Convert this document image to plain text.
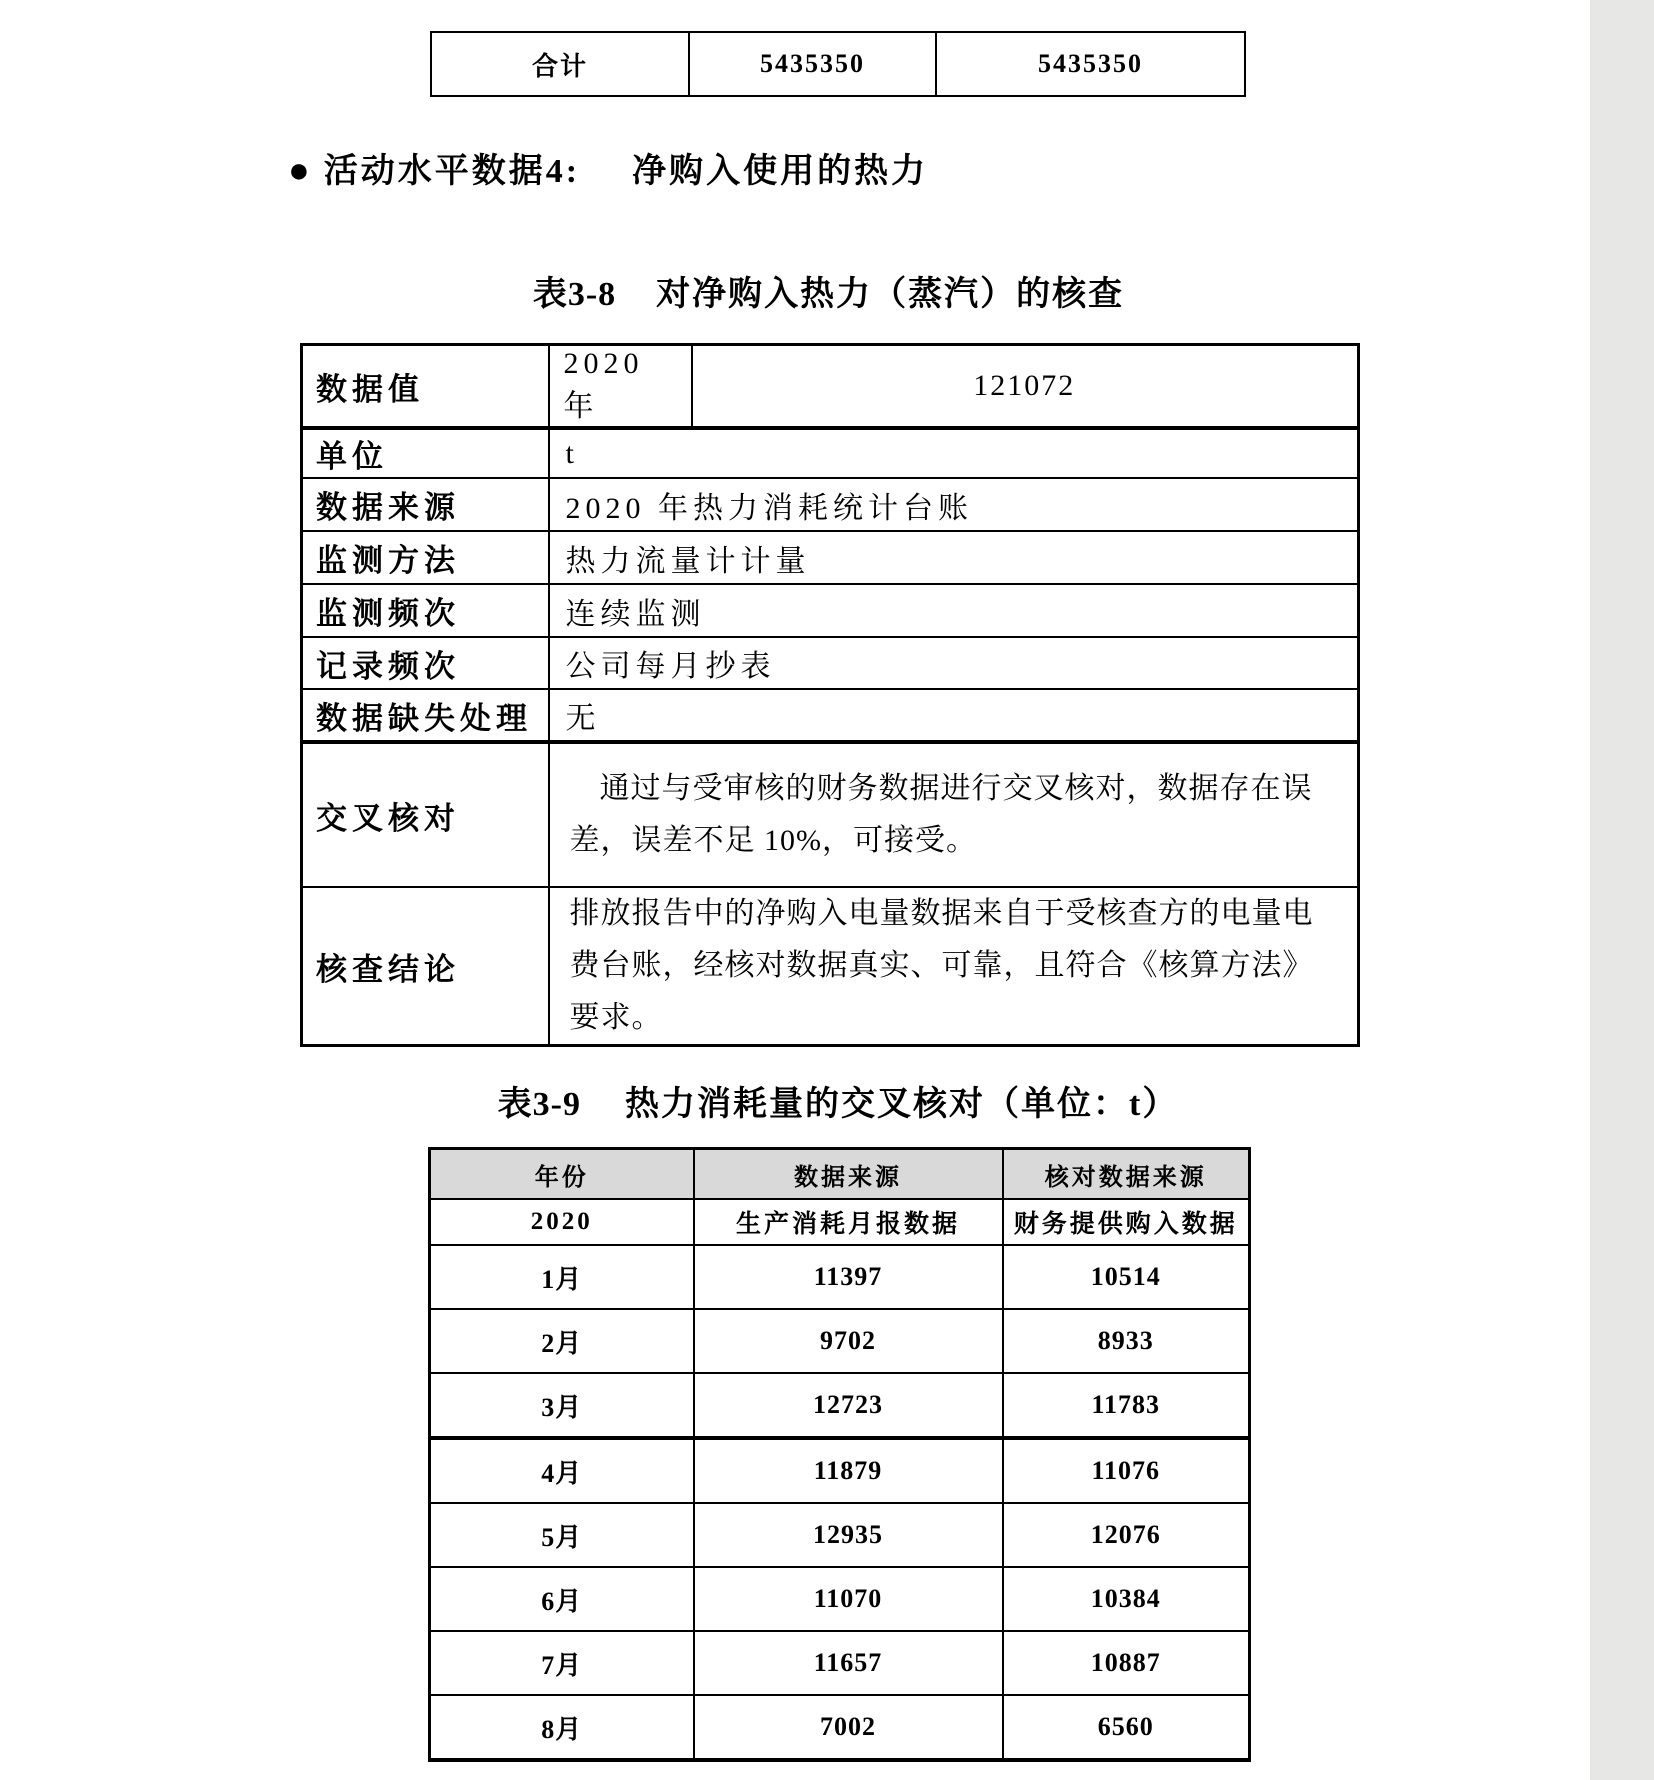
合计	5435350	5435350
● 活动水平数据4: 净购入使用的热力
表3-8 对净购入热力（蒸汽）的核查
数据值	2020 年	121072
单位	t	
数据来源	2020 年热力消耗统计台账	
监测方法	热力流量计计量	
监测频次	连续监测	
记录频次	公司每月抄表	
数据缺失处理	无	
交叉核对	通过与受审核的财务数据进行交叉核对，数据存在误差，误差不足 10%，可接受。	
核查结论	排放报告中的净购入电量数据来自于受核查方的电量电费台账，经核对数据真实、可靠，且符合《核算方法》要求。	
表3-9 热力消耗量的交叉核对（单位：t）
年份	数据来源	核对数据来源
2020	生产消耗月报数据	财务提供购入数据
1月	11397	10514
2月	9702	8933
3月	12723	11783
4月	11879	11076
5月	12935	12076
6月	11070	10384
7月	11657	10887
8月	7002	6560
